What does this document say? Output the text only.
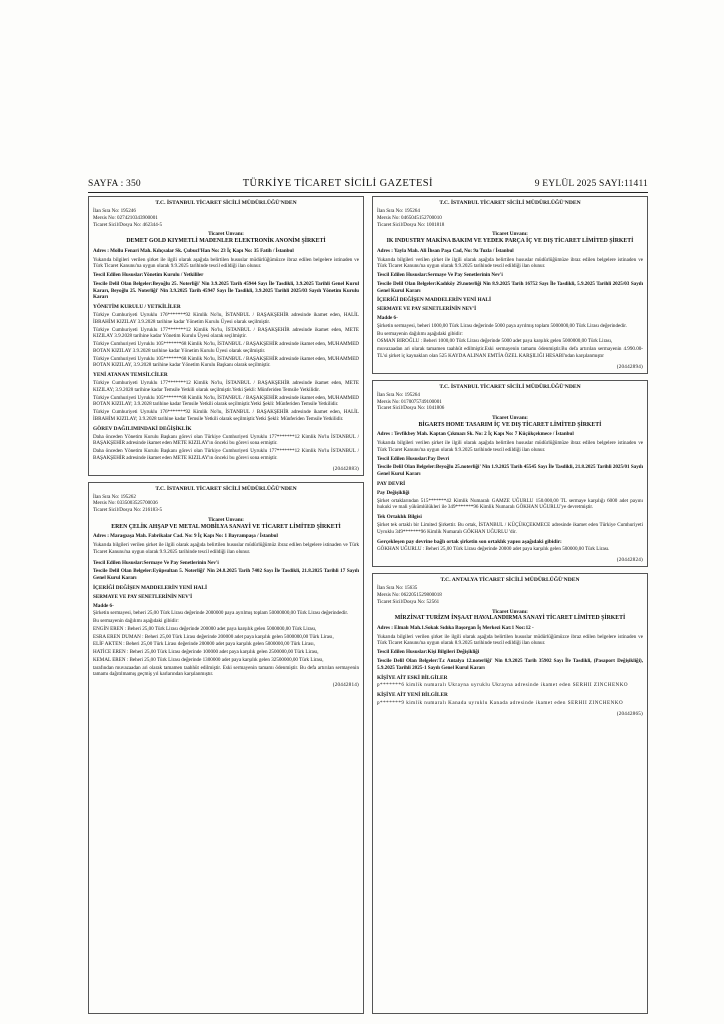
SAYFA : 350	TÜRKİYE TİCARET SİCİLİ GAZETESİ	9 EYLÜL 2025 SAYI:11411
T.C. İSTANBUL TİCARET SİCİLİ MÜDÜRLÜĞÜ'NDEN
İlan Sıra No: 195246
Mersis No: 0274210343900001
Ticaret Sicil/Dosya No: 462344-5
Ticaret Unvanı:
DEMET GOLD KIYMETLİ MADENLER ELEKTRONİK ANONİM ŞİRKETİ
Adres : Mollu Fenari Mah. Kılıçsalar Sk. Çubucl'Han No: 23 İç Kapı No: 35 Fatih / İstanbul
Yukarıda bilgileri verilen şirket ile ilgili olarak aşağıda belirtilen hususlar müdürlüğümüzce ibraz edilen belgelere istinaden ve Türk Ticaret Kanunu'na uygun olarak 9.9.2025 tarihinde tescil edildiği ilan olunur.
Tescil Edilen Hususlar:Yönetim Kurulu / Yetkililer
Tescile Delil Olan Belgeler:Beyoğlu 25. Noterliği' Nin 3.9.2025 Tarih 45944 Sayı İle Tasdikli, 3.9.2025 Tarihli Genel Kurul Kararı, Beyoğlu 25. Noterliği' Nin 3.9.2025 Tarih 45947 Sayı İle Tasdikli, 3.9.2025 Tarihli 2025/03 Sayılı Yönetim Kurulu Kararı
YÖNETİM KURULU / YETKİLİLER
Türkiye Cumhuriyeti Uyruklu 176*******92 Kimlik No'lu, İSTANBUL / BAŞAKŞEHİR adresinde ikamet eden, HALİL İBRAHİM KIZILAY 3.9.2028 tarihine kadar Yönetim Kurulu Üyesi olarak seçilmiştir.
Türkiye Cumhuriyeti Uyruklu 177*******12 Kimlik No'lu, İSTANBUL / BAŞAKŞEHİR adresinde ikamet eden, METE KIZILAY 3.9.2028 tarihine kadar Yönetim Kurulu Üyesi olarak seçilmiştir.
Türkiye Cumhuriyeti Uyruklu 105*******68 Kimlik No'lu, İSTANBUL / BAŞAKŞEHİR adresinde ikamet eden, MUHAMMED BOTAN KIZILAY 3.9.2028 tarihine kadar Yönetim Kurulu Üyesi olarak seçilmiştir.
Türkiye Cumhuriyeti Uyruklu 105*******68 Kimlik No'lu, İSTANBUL / BAŞAKŞEHİR adresinde ikamet eden, MUHAMMED BOTAN KIZILAY, 3.9.2028 tarihine kadar Yönetim Kurulu Başkanı olarak seçilmiştir.
YENİ ATANAN TEMSİLCİLER
Türkiye Cumhuriyeti Uyruklu 177*******12 Kimlik No'lu, İSTANBUL / BAŞAKŞEHİR adresinde ikamet eden, METE KIZILAY; 3.9.2028 tarihine kadar Temsile Yetkili olarak seçilmiştir.Yetki Şekli: Münferiden Temsile Yetkilidir.
Türkiye Cumhuriyeti Uyruklu 105*******68 Kimlik No'lu, İSTANBUL / BAŞAKŞEHİR adresinde ikamet eden, MUHAMMED BOTAN KIZILAY; 3.9.2028 tarihine kadar Temsile Yetkili olarak seçilmiştir.Yetki Şekli: Münferiden Temsile Yetkilidir.
Türkiye Cumhuriyeti Uyruklu 176*******92 Kimlik No'lu, İSTANBUL / BAŞAKŞEHİR adresinde ikamet eden, HALİL İBRAHİM KIZILAY; 3.9.2028 tarihine kadar Temsile Yetkili olarak seçilmiştir.Yetki Şekli: Münferiden Temsile Yetkilidir.
GÖREV DAĞILIMINDAKİ DEĞİŞİKLİK
Daha önceden Yönetim Kurulu Başkanı görevi olan Türkiye Cumhuriyeti Uyruklu 177*******12 Kimlik No'lu İSTANBUL / BAŞAKŞEHİR adresinde ikamet eden METE KIZILAY'ın önceki bu görevi sona ermiştir.
Daha önceden Yönetim Kurulu Başkanı görevi olan Türkiye Cumhuriyeti Uyruklu 177*******12 Kimlik No'lu İSTANBUL / BAŞAKŞEHİR adresinde ikamet eden METE KIZILAY'ın önceki bu görevi sona ermiştir.
(20442883)
T.C. İSTANBUL TİCARET SİCİLİ MÜDÜRLÜĞÜ'NDEN
İlan Sıra No: 195262
Mersis No: 0335003525700036
Ticaret Sicil/Dosya No: 216183-5
Ticaret Unvanı:
EREN ÇELİK AHŞAP VE METAL MOBİLYA SANAYİ VE TİCARET LİMİTED ŞİRKETİ
Adres : Maraşpaşa Mah. Fabrikalar Cad. No: 9 İç Kapı No: 1 Bayrampaşa / İstanbul
Yukarıda bilgileri verilen şirket ile ilgili olarak aşağıda belirtilen hususlar müdürlüğümüz ibraz edilen belgelere istinaden ve Türk Ticaret Kanunu'na uygun olarak 9.9.2025 tarihinde tescil edildiği ilan olunur.
Tescil Edilen Hususlar:Sermaye Ve Pay Senetlerinin Nev'i
Tescile Delil Olan Belgeler:Eyüpsultan 5. Noterliği' Nin 24.8.2025 Tarih 7402 Sayı İle Tasdikli, 21.8.2025 Tarihli 17 Sayılı Genel Kurul Kararı
İÇERİĞİ DEĞİŞEN MADDELERİN YENİ HALİ
SERMAYE VE PAY SENETLERİNİN NEV'İ
Madde 6-
Şirketin sermayesi, beheri 25,00 Türk Lirası değerinde 2000000 paya ayrılmış toplam 50000000,00 Türk Lirası değerindedir.
Bu sermayenin dağılımı aşağıdaki gibidir:
ENGİN EREN : Beheri 25,00 Türk Lirası değerinde 200000 adet paya karşılık gelen 5000000,00 Türk Lirası,
ESRA EREN DUMAN : Beheri 25,00 Türk Lirası değerinde 200000 adet paya karşılık gelen 5000000,00 Türk Lirası,
ELİF AKTEN : Beheri 25,00 Türk Lirası değerinde 200000 adet paya karşılık gelen 5000000,00 Türk Lirası,
HATİCE EREN : Beheri 25,00 Türk Lirası değerinde 100000 adet paya karşılık gelen 2500000,00 Türk Lirası,
KEMAL EREN : Beheri 25,00 Türk Lirası değerinde 1300000 adet paya karşılık gelen 32500000,00 Türk Lirası,
tarafından muvazaadan ari olarak tamamen taahhüt edilmiştir. Eski sermayenin tamamı ödenmiştir. Bu defa artırılan sermayenin tamamı dağıtılmamış geçmiş yıl karlarından karşılanmıştır.
(20442814)
T.C. İSTANBUL TİCARET SİCİLİ MÜDÜRLÜĞÜ'NDEN
İlan Sıra No: 195264
Mersis No: 0465045152700010
Ticaret Sicil/Dosya No: 1001818
Ticaret Unvanı:
IK INDUSTRY MAKİNA BAKIM VE YEDEK PARÇA İÇ VE DIŞ TİCARET LİMİTED ŞİRKETİ
Adres : Yayla Mah. Ali İhsan Paşa Cad, No: 9a Tuzla / İstanbul
Yukarıda bilgileri verilen şirket ile ilgili olarak aşağıda belirtilen hususlar müdürlüğümüze ibraz edilen belgelere istinaden ve Türk Ticaret Kanunu'na uygun olarak 9.9.2025 tarihinde tescil edildiği ilan olunur.
Tescil Edilen Hususlar:Sermaye Ve Pay Senetlerinin Nev'i
Tescile Delil Olan Belgeler:Kadıköy 29.noterliği Nin 8.9.2025 Tarih 16752 Sayı İle Tasdikli, 5.9.2025 Tarihli 2025/03 Sayılı Genel Kurul Kararı
İÇERİĞİ DEĞİŞEN MADDELERİN YENİ HALİ
SERMAYE VE PAY SENETLERİNİN NEV'İ
Madde 6-
Şirketin sermayesi, beheri 1000,00 Türk Lirası değerinde 5000 paya ayrılmış toplam 5000000,00 Türk Lirası değerindedir.
Bu sermayenin dağılımı aşağıdaki gibidir:
OSMAN BIROĞLU : Beheri 1000,00 Türk Lirası değerinde 5000 adet paya karşılık gelen 5000000,00 Türk Lirası,
muvazaadan ari olarak tamamen taahhüt edilmiştir.Eski sermayenin tamamı ödenmiştir.Bu defa artırılan sermayenin 4.990.00-TL'si şirket iç kaynakları olan 525 KAYDA ALINAN EMTİA ÖZEL KARŞILIĞI HESABI'ndan karşılanmıştır
(20442894)
T.C. İSTANBUL TİCARET SİCİLİ MÜDÜRLÜĞÜ'NDEN
İlan Sıra No: 195264
Mersis No: 0170075749100001
Ticaret Sicil/Dosya No: 1041806
Ticaret Unvanı:
BİGARTS HOME TASARIM İÇ VE DIŞ TİCARET LİMİTED ŞİRKETİ
Adres : Tevfikbey Mah. Kaptan Çıkmazı Sk. No: 2 İç Kapı No: 7 Küçükçekmece / İstanbul
Yukarıda bilgileri verilen şirket ile ilgili olarak aşağıda belirtilen hususlar müdürlüğümüze ibraz edilen belgelere istinaden ve Türk Ticaret Kanunu'na uygun olarak 9.9.2025 tarihinde tescil edildiği ilan olunur.
Tescil Edilen Hususlar:Pay Devri
Tescile Delil Olan Belgeler:Beyoğlu 25.noterliği' Nin 1.9.2025 Tarih 45545 Sayı İle Tasdikli, 21.8.2025 Tarihli 2025/01 Sayılı Genel Kurul Kararı
PAY DEVRİ
Pay Değişikliği
Şirket ortaklarından 515*******42 Kimlik Numaralı GAMZE UĞURLU 150.000,00 TL sermaye karşılığı 6000 adet payını hukuki ve mali yükümlülükleri ile 349*******96 Kimlik Numaralı GÖKHAN UĞURLU'ye devretmiştir.
Tek Ortaklık Bilgisi
Şirket tek ortaklı bir Limited Şirkettir. Bu ortak, İSTANBUL / KÜÇÜKÇEKMECE adresinde ikamet eden Türkiye Cumhuriyeti Uyruklu 349*******96 Kimlik Numaralı GÖKHAN UĞURLU 'dir.
Gerçekleşen pay devrine bağlı ortak şirketin son ortaklık yapısı aşağıdaki gibidir:
GÖKHAN UĞURLU : Beheri 25,00 Türk Lirası değerinde 20000 adet paya karşılık gelen 500000,00 Türk Lirası.
(20442824)
T.C. ANTALYA TİCARET SİCİLİ MÜDÜRLÜĞÜ'NDEN
İlan Sıra No: 15635
Mersis No: 0622051529800018
Ticaret Sicil/Dosya No: 52561
Ticaret Unvanı:
MİRZİNAT TURİZM İNŞAAT HAVALANDIRMA SANAYİ TİCARET LİMİTED ŞİRKETİ
Adres : Elmalı Mah.1.Sokak Sıdıka Başorgan İş Merkezi Kat:1 Noc:12 -
Yukarıda bilgileri verilen şirket ile ilgili olarak aşağıda belirtilen hususlar müdürlüğümüzce ibraz edilen belgelere istinaden ve Türk Ticaret Kanunu'na uygun olarak 8.9.2025 tarihinde tescil edildiği ilan olunur.
Tescil Edilen Hususlar:Kişi Bilgileri Değişikliği
Tescile Delil Olan Belgeler:T.c Antalya 12.noterliği' Nin 8.9.2025 Tarih 35902 Sayı İle Tasdikli, (Pasaport Değişikliği), 5.9.2025 Tarihli 2025-1 Sayılı Genel Kurul Kararı
KİŞİYE AİT ESKİ BİLGİLER
p*******6 kimlik numaralı Ukrayna uyruklu Ukrayna adresinde ikamet eden SERHII ZINCHENKO
KİŞİYE AİT YENİ BİLGİLER
p*******9 kimlik numaralı Kanada uyruklu Kanada adresinde ikamet eden SERHII ZINCHENKO
(20442865)
